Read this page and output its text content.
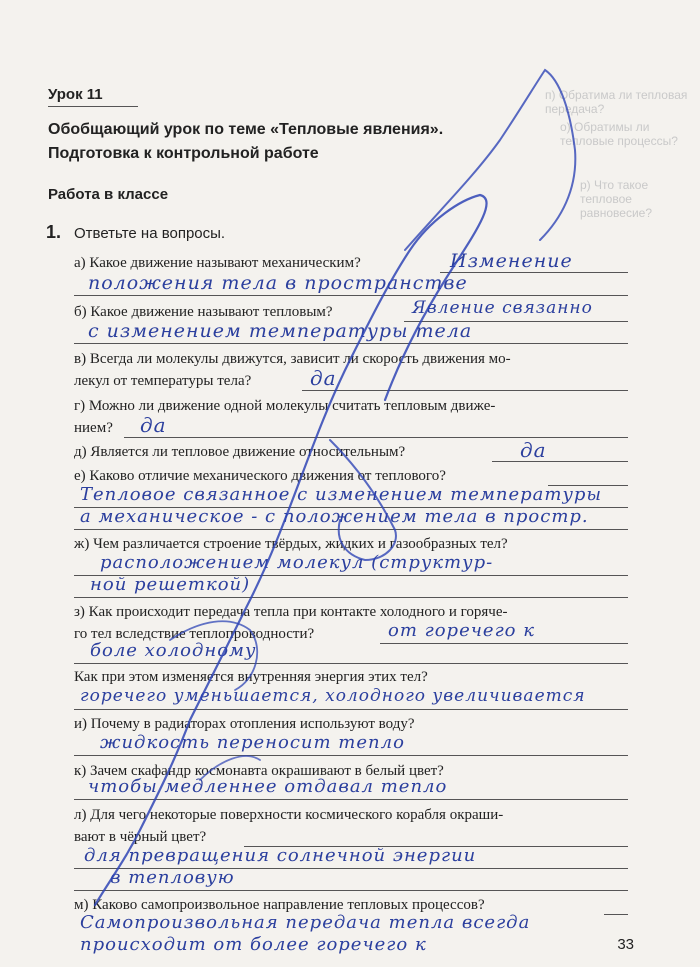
п) Обратима ли тепловая передача?
о) Обратимы ли тепловые процессы?
р) Что такое тепловое равновесие?
Урок 11
Обобщающий урок по теме «Тепловые явления».
Подготовка к контрольной работе
Работа в классе
1. Ответьте на вопросы.
а) Какое движение называют механическим?
б) Какое движение называют тепловым?
в) Всегда ли молекулы движутся, зависит ли скорость движения мо-
лекул от температуры тела?
г) Можно ли движение одной молекулы считать тепловым движе-
нием?
д) Является ли тепловое движение относительным?
е) Каково отличие механического движения от теплового?
ж) Чем различается строение твёрдых, жидких и газообразных тел?
з) Как происходит передача тепла при контакте холодного и горяче-
го тел вследствие теплопроводности?
Как при этом изменяется внутренняя энергия этих тел?
и) Почему в радиаторах отопления используют воду?
к) Зачем скафандр космонавта окрашивают в белый цвет?
л) Для чего некоторые поверхности космического корабля окраши-
вают в чёрный цвет?
м) Каково самопроизвольное направление тепловых процессов?
Изменение
положения тела в пространстве
Явление связанно
с изменением температуры тела
да
да
да
Тепловое связанное с изменением температуры
а механическое - с положением тела в простр.
расположением молекул (структур-
ной решеткой)
от горечего к
боле холодному
горечего уменьшается, холодного увеличивается
жидкость переносит тепло
чтобы медленнее отдавал тепло
для превращения солнечной энергии
в тепловую
Самопроизвольная передача тепла всегда
происходит от более горечего к	33
